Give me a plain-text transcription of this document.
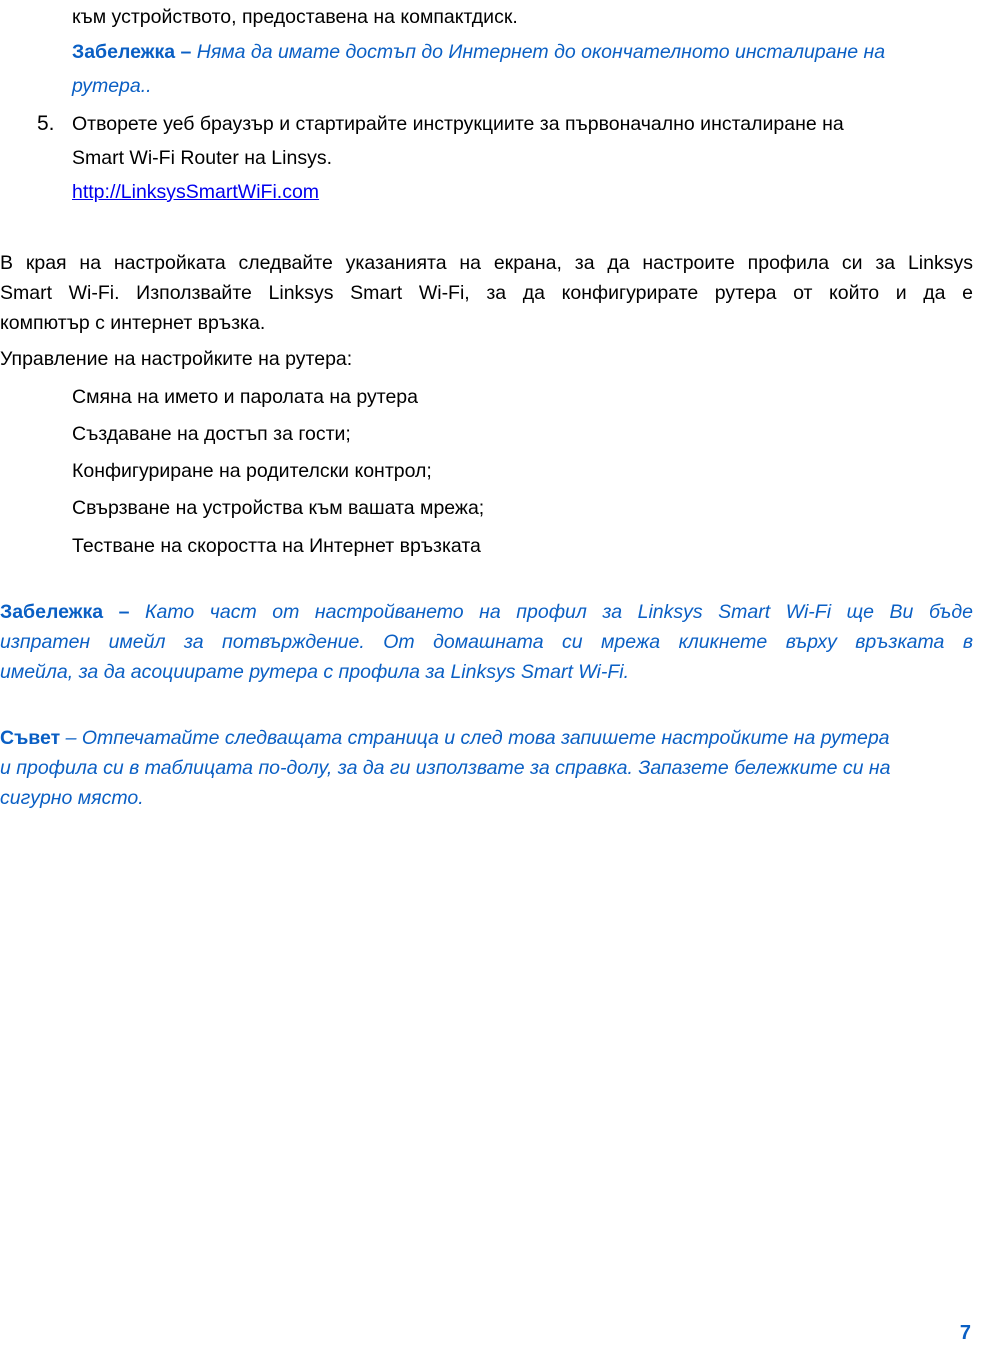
към устройството, предоставена на компактдиск.
Забележка – Няма да имате достъп до Интернет до окончателното инсталиране на
рутера..
5. Отворете уеб браузър и стартирайте инструкциите за първоначално инсталиране на
Smart Wi-Fi Router на Linsys.
http://LinksysSmartWiFi.com
В края на настройката следвайте указанията на екрана, за да настроите профила си за Linksys
Smart Wi-Fi. Използвайте Linksys Smart Wi-Fi, за да конфигурирате рутера от който и да е
компютър с интернет връзка.
Управление на настройките на рутера:
Смяна на името и паролата на рутера
Създаване на достъп за гости;
Конфигуриране на родителски контрол;
Свързване на устройства към вашата мрежа;
Тестване на скоростта на Интернет връзката
Забележка – Като част от настройването на профил за Linksys Smart Wi-Fi ще Ви бъде
изпратен имейл за потвърждение. От домашната си мрежа кликнете върху връзката в
имейла, за да асоциирате рутера с профила за Linksys Smart Wi-Fi.
Съвет – Отпечатайте следващата страница и след това запишете настройките на рутера
и профила си в таблицата по-долу, за да ги използвате за справка. Запазете бележките си на
сигурно място.
7
